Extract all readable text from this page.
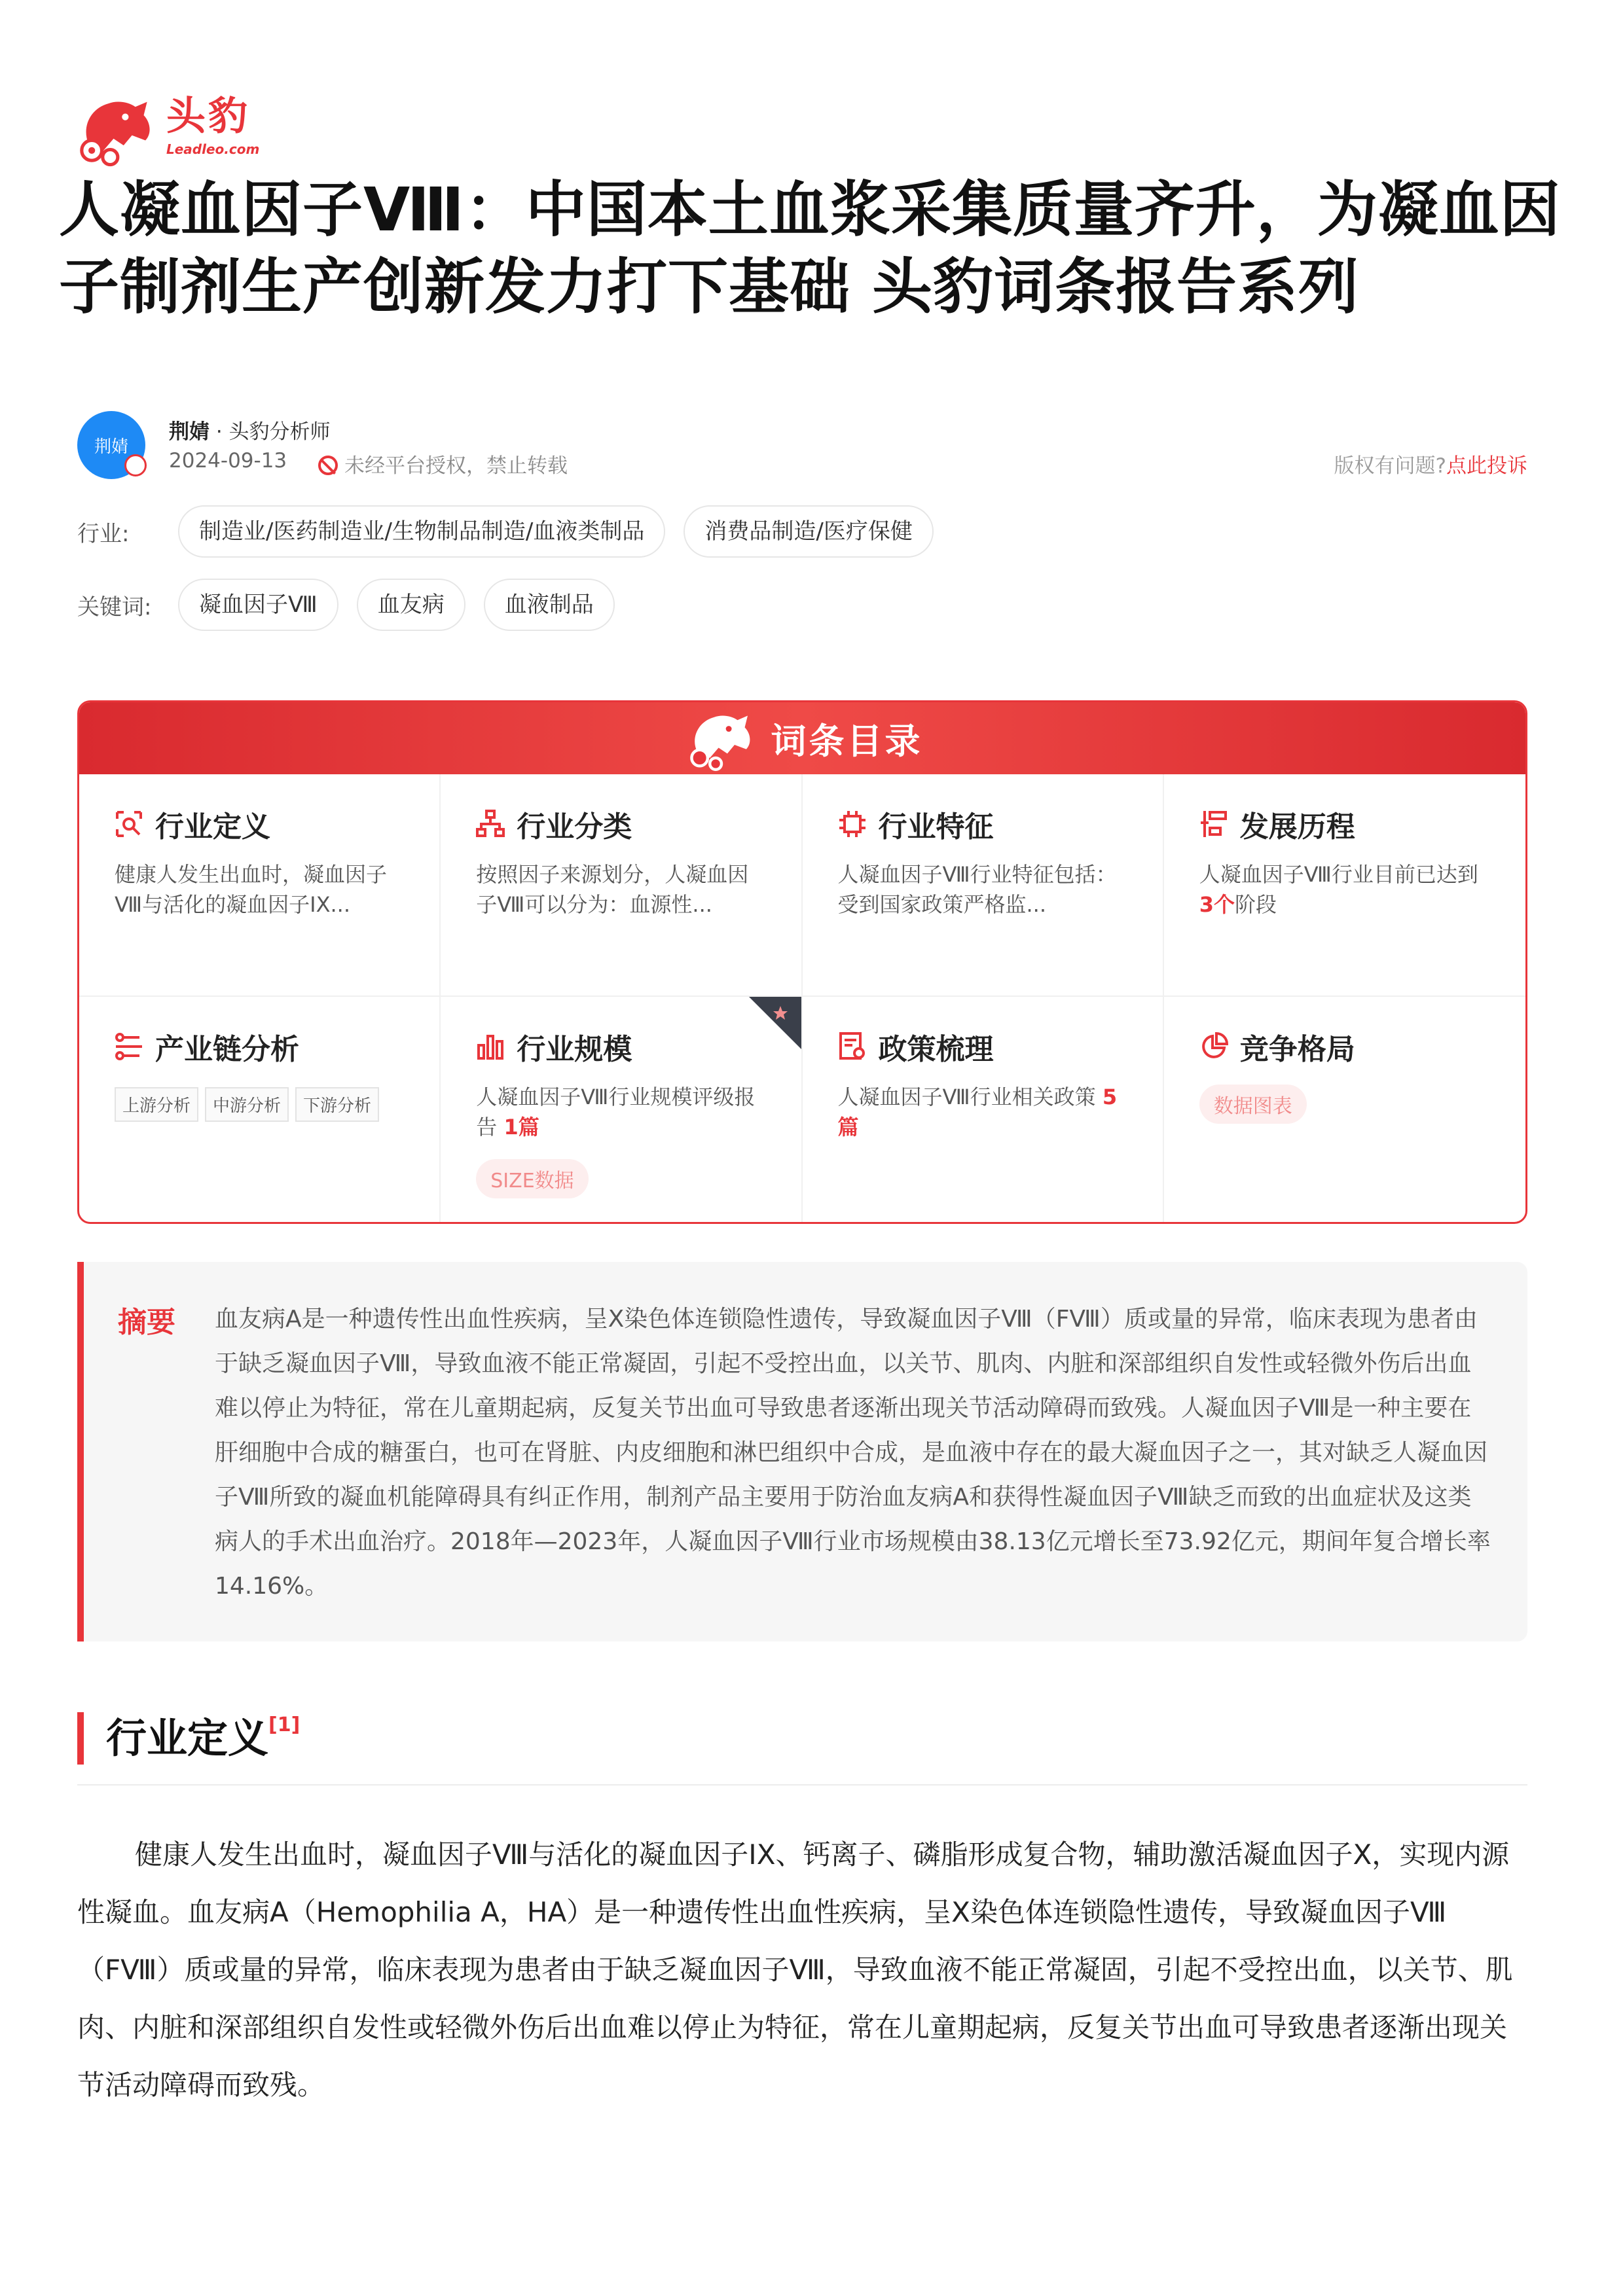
头豹
Leadleo.com
人凝血因子Ⅷ：中国本土血浆采集质量齐升，为凝血因子制剂生产创新发力打下基础 头豹词条报告系列
荆婧
荆婧 · 头豹分析师
2024-09-13	未经平台授权，禁止转载	版权有问题?点此投诉
行业:	制造业/医药制造业/生物制品制造/血液类制品	消费品制造/医疗保健
关键词:	凝血因子Ⅷ	血友病	血液制品
词条目录
行业定义
健康人发生出血时，凝血因子Ⅷ与活化的凝血因子IX...
行业分类
按照因子来源划分，人凝血因子Ⅷ可以分为：血源性...
行业特征
人凝血因子Ⅷ行业特征包括：受到国家政策严格监...
发展历程
人凝血因子Ⅷ行业目前已达到 3个阶段
产业链分析
上游分析	中游分析	下游分析
行业规模
人凝血因子Ⅷ行业规模评级报告 1篇
SIZE数据
政策梳理
人凝血因子Ⅷ行业相关政策 5篇
竞争格局
数据图表
摘要 血友病A是一种遗传性出血性疾病，呈X染色体连锁隐性遗传，导致凝血因子Ⅷ（FⅧ）质或量的异常，临床表现为患者由于缺乏凝血因子Ⅷ，导致血液不能正常凝固，引起不受控出血，以关节、肌肉、内脏和深部组织自发性或轻微外伤后出血难以停止为特征，常在儿童期起病，反复关节出血可导致患者逐渐出现关节活动障碍而致残。人凝血因子Ⅷ是一种主要在肝细胞中合成的糖蛋白，也可在肾脏、内皮细胞和淋巴组织中合成，是血液中存在的最大凝血因子之一，其对缺乏人凝血因子Ⅷ所致的凝血机能障碍具有纠正作用，制剂产品主要用于防治血友病A和获得性凝血因子Ⅷ缺乏而致的出血症状及这类病人的手术出血治疗。2018年—2023年，人凝血因子Ⅷ行业市场规模由38.13亿元增长至73.92亿元，期间年复合增长率14.16%。
行业定义[1]
健康人发生出血时，凝血因子Ⅷ与活化的凝血因子IX、钙离子、磷脂形成复合物，辅助激活凝血因子Ⅹ，实现内源性凝血。血友病A（Hemophilia A，HA）是一种遗传性出血性疾病，呈X染色体连锁隐性遗传，导致凝血因子Ⅷ（FⅧ）质或量的异常，临床表现为患者由于缺乏凝血因子Ⅷ，导致血液不能正常凝固，引起不受控出血，以关节、肌肉、内脏和深部组织自发性或轻微外伤后出血难以停止为特征，常在儿童期起病，反复关节出血可导致患者逐渐出现关节活动障碍而致残。
